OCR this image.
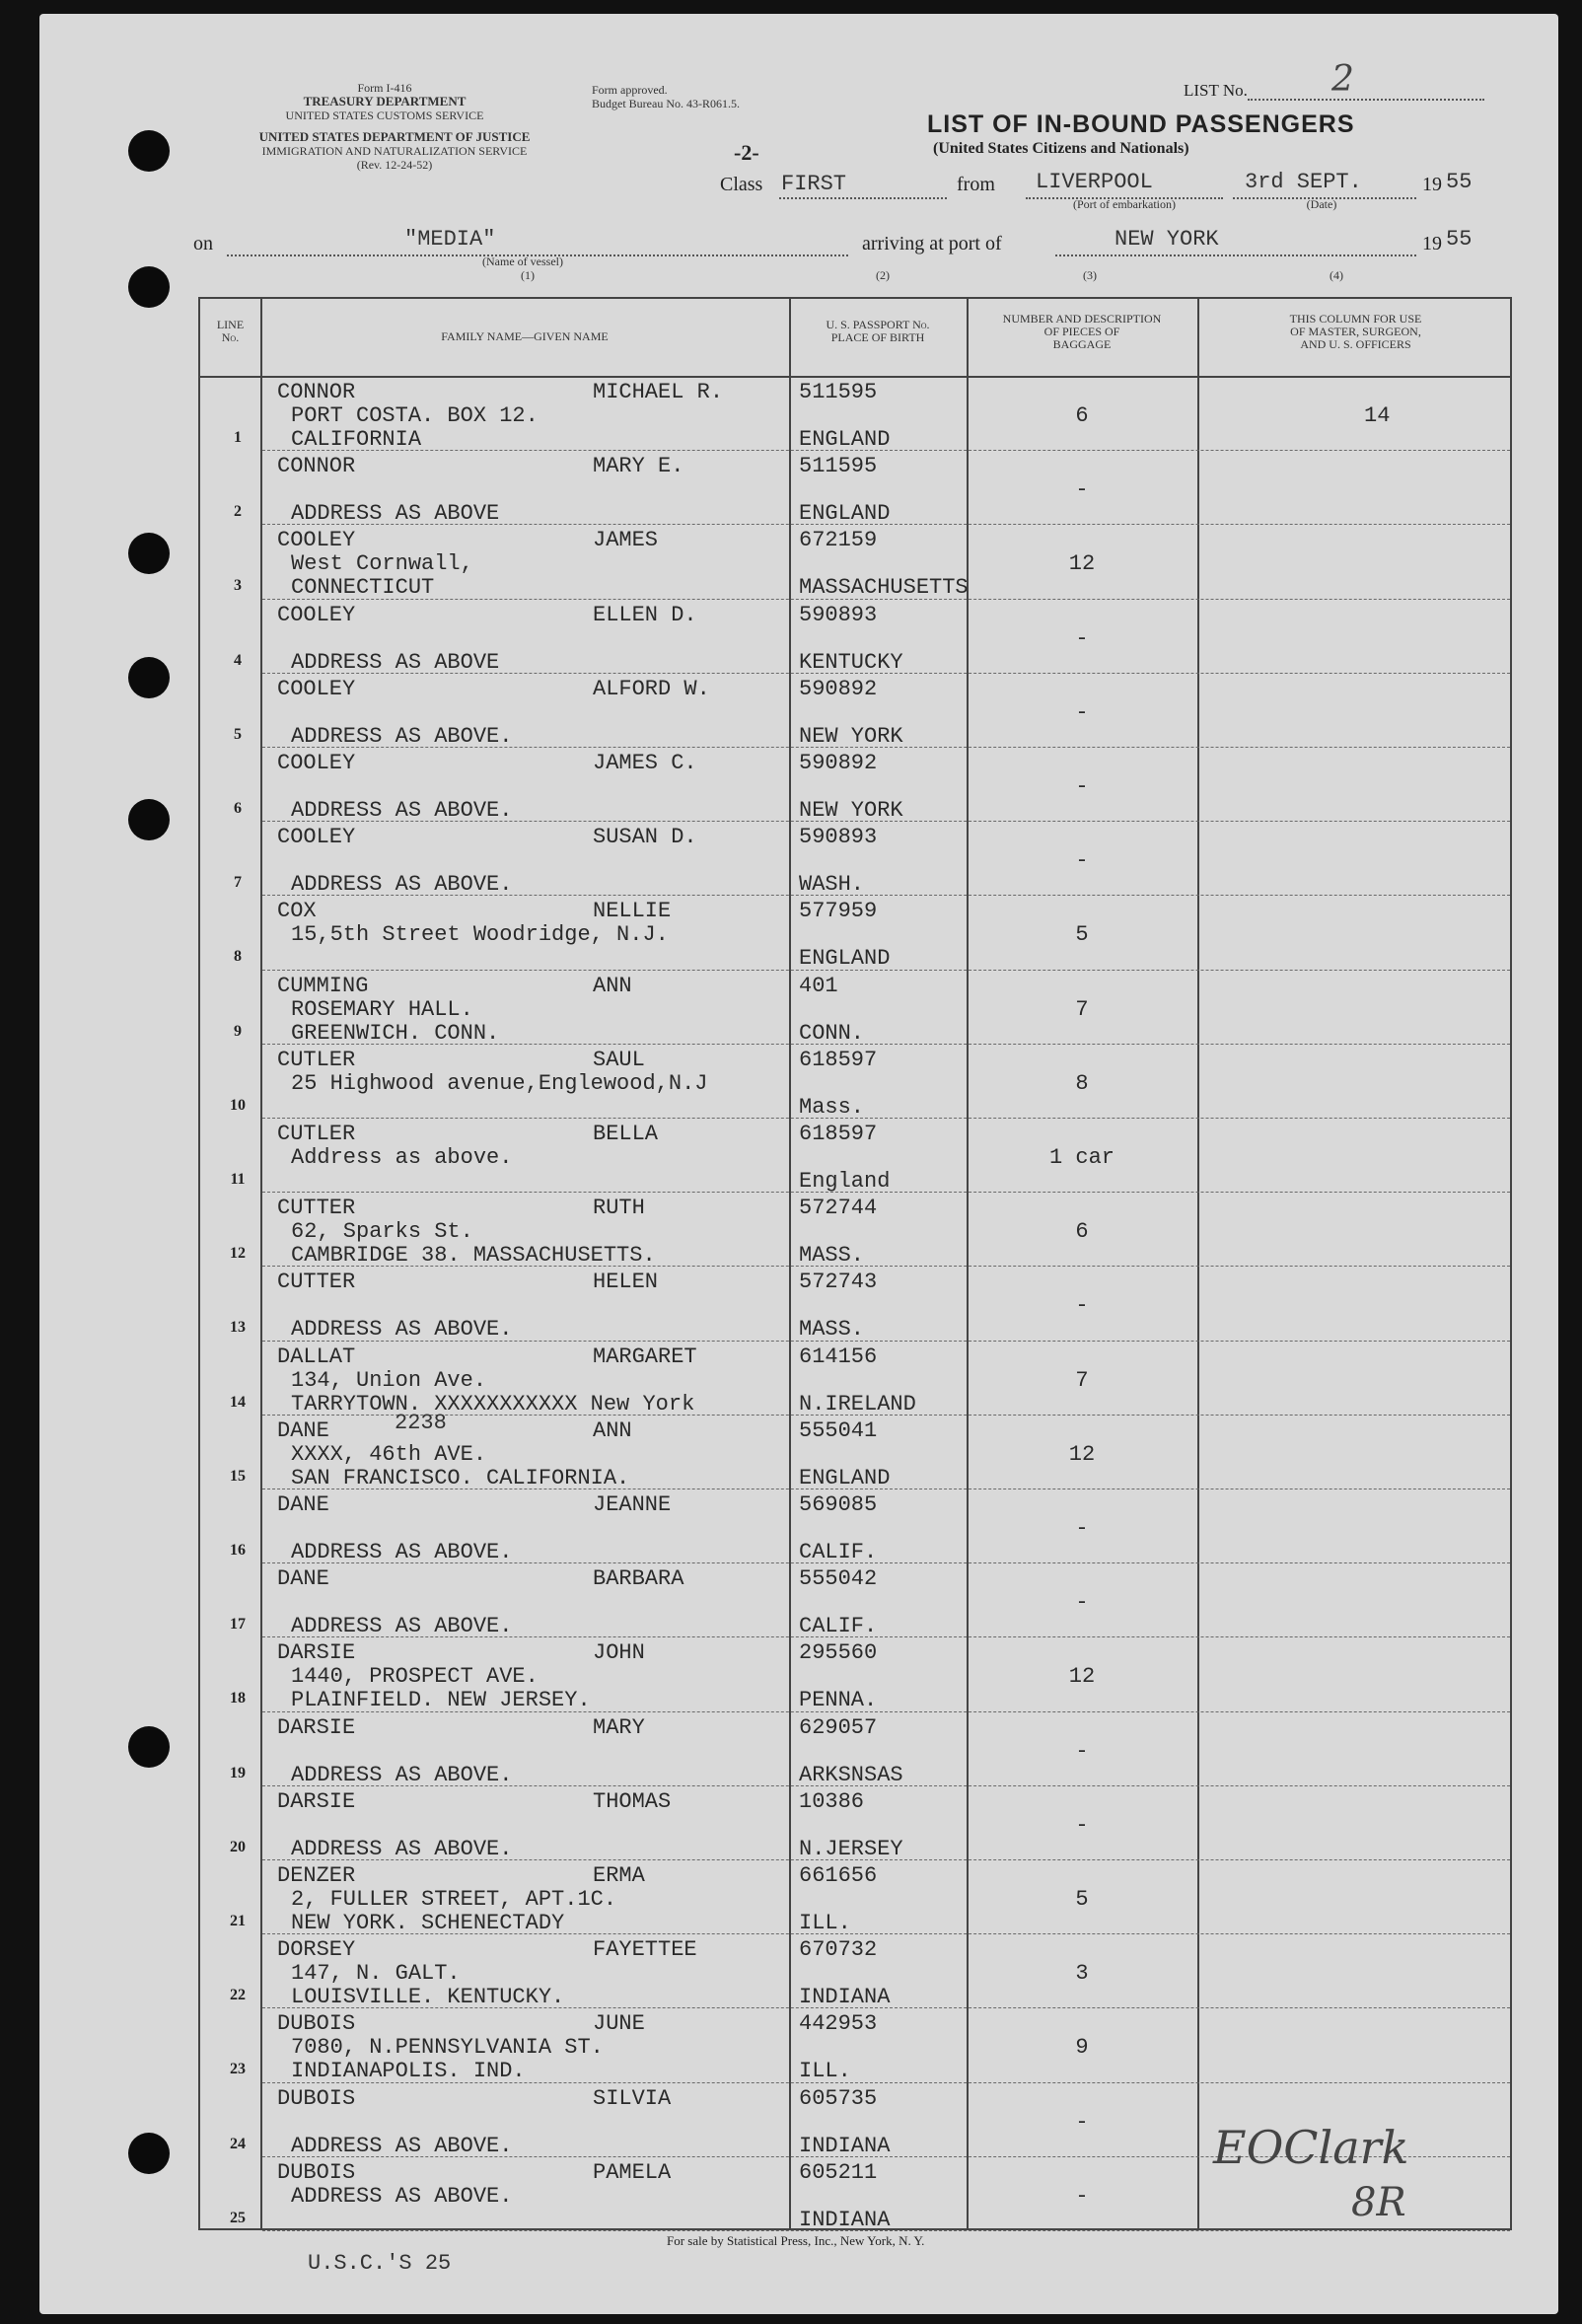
Form I-416
TREASURY DEPARTMENT
UNITED STATES CUSTOMS SERVICE
Form approved.
Budget Bureau No. 43-R061.5.
UNITED STATES DEPARTMENT OF JUSTICE
IMMIGRATION AND NATURALIZATION SERVICE
(Rev. 12-24-52)
LIST No. 2
LIST OF IN-BOUND PASSENGERS
(United States Citizens and Nationals)
-2-
Class FIRST	from LIVERPOOL
(Port of embarkation)
3rd SEPT.
(Date)
19 55
on	"MEDIA"
(Name of vessel)
(1)
arriving at port of	NEW YORK
(2)	(3)	(4)
19 55
LINE
No.	FAMILY NAME—GIVEN NAME
U. S. PASSPORT No.
PLACE OF BIRTH
NUMBER AND DESCRIPTION
OF PIECES OF
BAGGAGE
THIS COLUMN FOR USE
OF MASTER, SURGEON,
AND U. S. OFFICERS
1
CONNOR	MICHAEL R.
PORT COSTA. BOX 12.
CALIFORNIA
511595
ENGLAND
6	14
2
CONNOR	MARY E.
ADDRESS AS ABOVE
511595
ENGLAND
-
3
COOLEY	JAMES
West Cornwall,
CONNECTICUT
672159
MASSACHUSETTS
12
4
COOLEY	ELLEN D.
ADDRESS AS ABOVE
590893
KENTUCKY
-
5
COOLEY	ALFORD W.
ADDRESS AS ABOVE.
590892
NEW YORK
-
6
COOLEY	JAMES C.
ADDRESS AS ABOVE.
590892
NEW YORK
-
7
COOLEY	SUSAN D.
ADDRESS AS ABOVE.
590893
WASH.
-
8
COX	NELLIE
15,5th Street Woodridge, N.J.
577959
ENGLAND
5
9
CUMMING	ANN
ROSEMARY HALL.
GREENWICH. CONN.
401
CONN.
7
10
CUTLER	SAUL
25 Highwood avenue,Englewood,N.J
618597
Mass.
8
11
CUTLER	BELLA
Address as above.
618597
England
1 car
12
CUTTER	RUTH
62, Sparks St.
CAMBRIDGE 38. MASSACHUSETTS.
572744
MASS.
6
13
CUTTER	HELEN
ADDRESS AS ABOVE.
572743
MASS.
-
14
DALLAT	MARGARET
134, Union Ave.
TARRYTOWN. XXXXXXXXXXX New York
614156
N.IRELAND
7
15
DANE	ANN
XXXX, 46th AVE.
SAN FRANCISCO. CALIFORNIA.
555041
ENGLAND
12
16
DANE	JEANNE
ADDRESS AS ABOVE.
569085
CALIF.
-
17
DANE	BARBARA
ADDRESS AS ABOVE.
555042
CALIF.
-
18
DARSIE	JOHN
1440, PROSPECT AVE.
PLAINFIELD. NEW JERSEY.
295560
PENNA.
12
19
DARSIE	MARY
ADDRESS AS ABOVE.
629057
ARKSNSAS
-
20
DARSIE	THOMAS
ADDRESS AS ABOVE.
10386
N.JERSEY
-
21
DENZER	ERMA
2, FULLER STREET, APT.1C.
NEW YORK. SCHENECTADY
661656
ILL.
5
22
DORSEY	FAYETTEE
147, N. GALT.
LOUISVILLE. KENTUCKY.
670732
INDIANA
3
23
DUBOIS	JUNE
7080, N.PENNSYLVANIA ST.
INDIANAPOLIS. IND.
442953
ILL.
9
24
DUBOIS	SILVIA
ADDRESS AS ABOVE.
605735
INDIANA
-
25
DUBOIS	PAMELA
ADDRESS AS ABOVE.
605211
INDIANA
-
2238
EOClark
8R
For sale by Statistical Press, Inc., New York, N. Y.
U.S.C.'S 25
